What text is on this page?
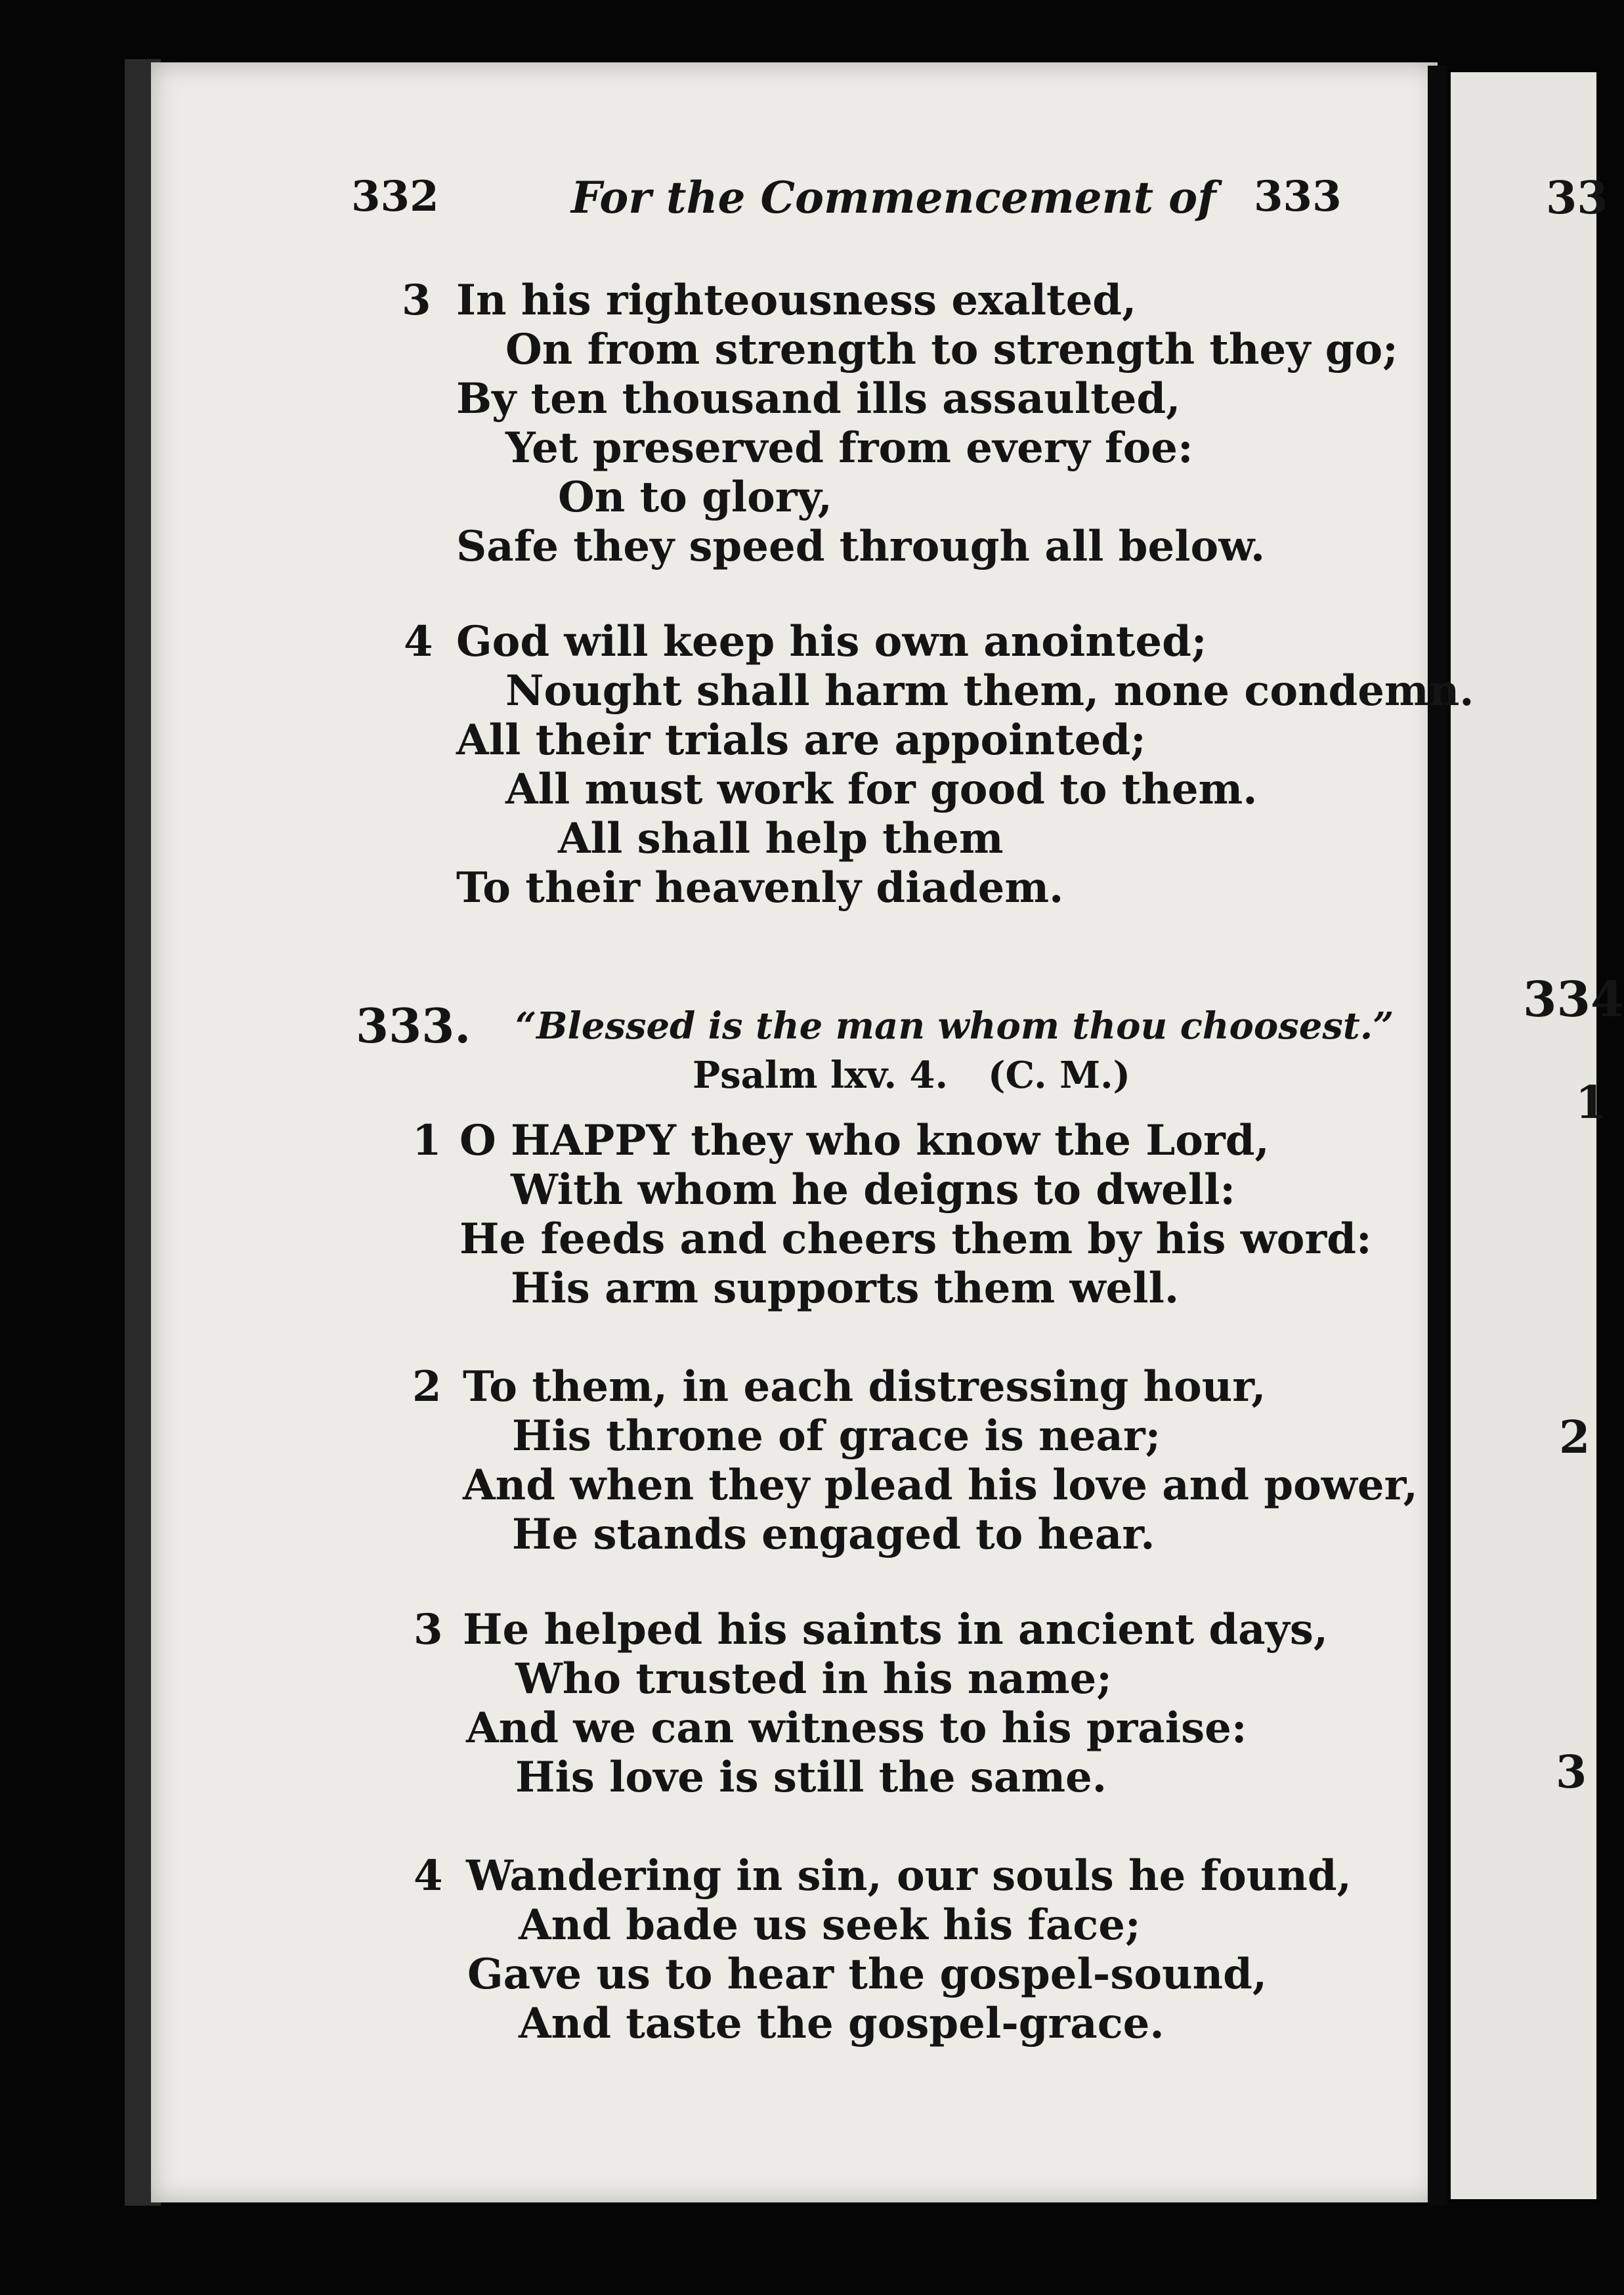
332	For the Commencement of 333
3 In his righteousness exalted,
On from strength to strength they go;
By ten thousand ills assaulted,
Yet preserved from every foe:
On to glory,
Safe they speed through all below.
4 God will keep his own anointed;
Nought shall harm them, none condemn.
All their trials are appointed;
All must work for good to them.
All shall help them
To their heavenly diadem.
333. “Blessed is the man whom thou choosest.”
Psalm lxv. 4. (C. M.)
1 O HAPPY they who know the Lord,
With whom he deigns to dwell:
He feeds and cheers them by his word:
His arm supports them well.
2 To them, in each distressing hour,
His throne of grace is near;
And when they plead his love and power,
He stands engaged to hear.
3 He helped his saints in ancient days,
Who trusted in his name;
And we can witness to his praise:
His love is still the same.
4 Wandering in sin, our souls he found,
And bade us seek his face;
Gave us to hear the gospel-sound,
And taste the gospel-grace.
33
334
1
2
3
